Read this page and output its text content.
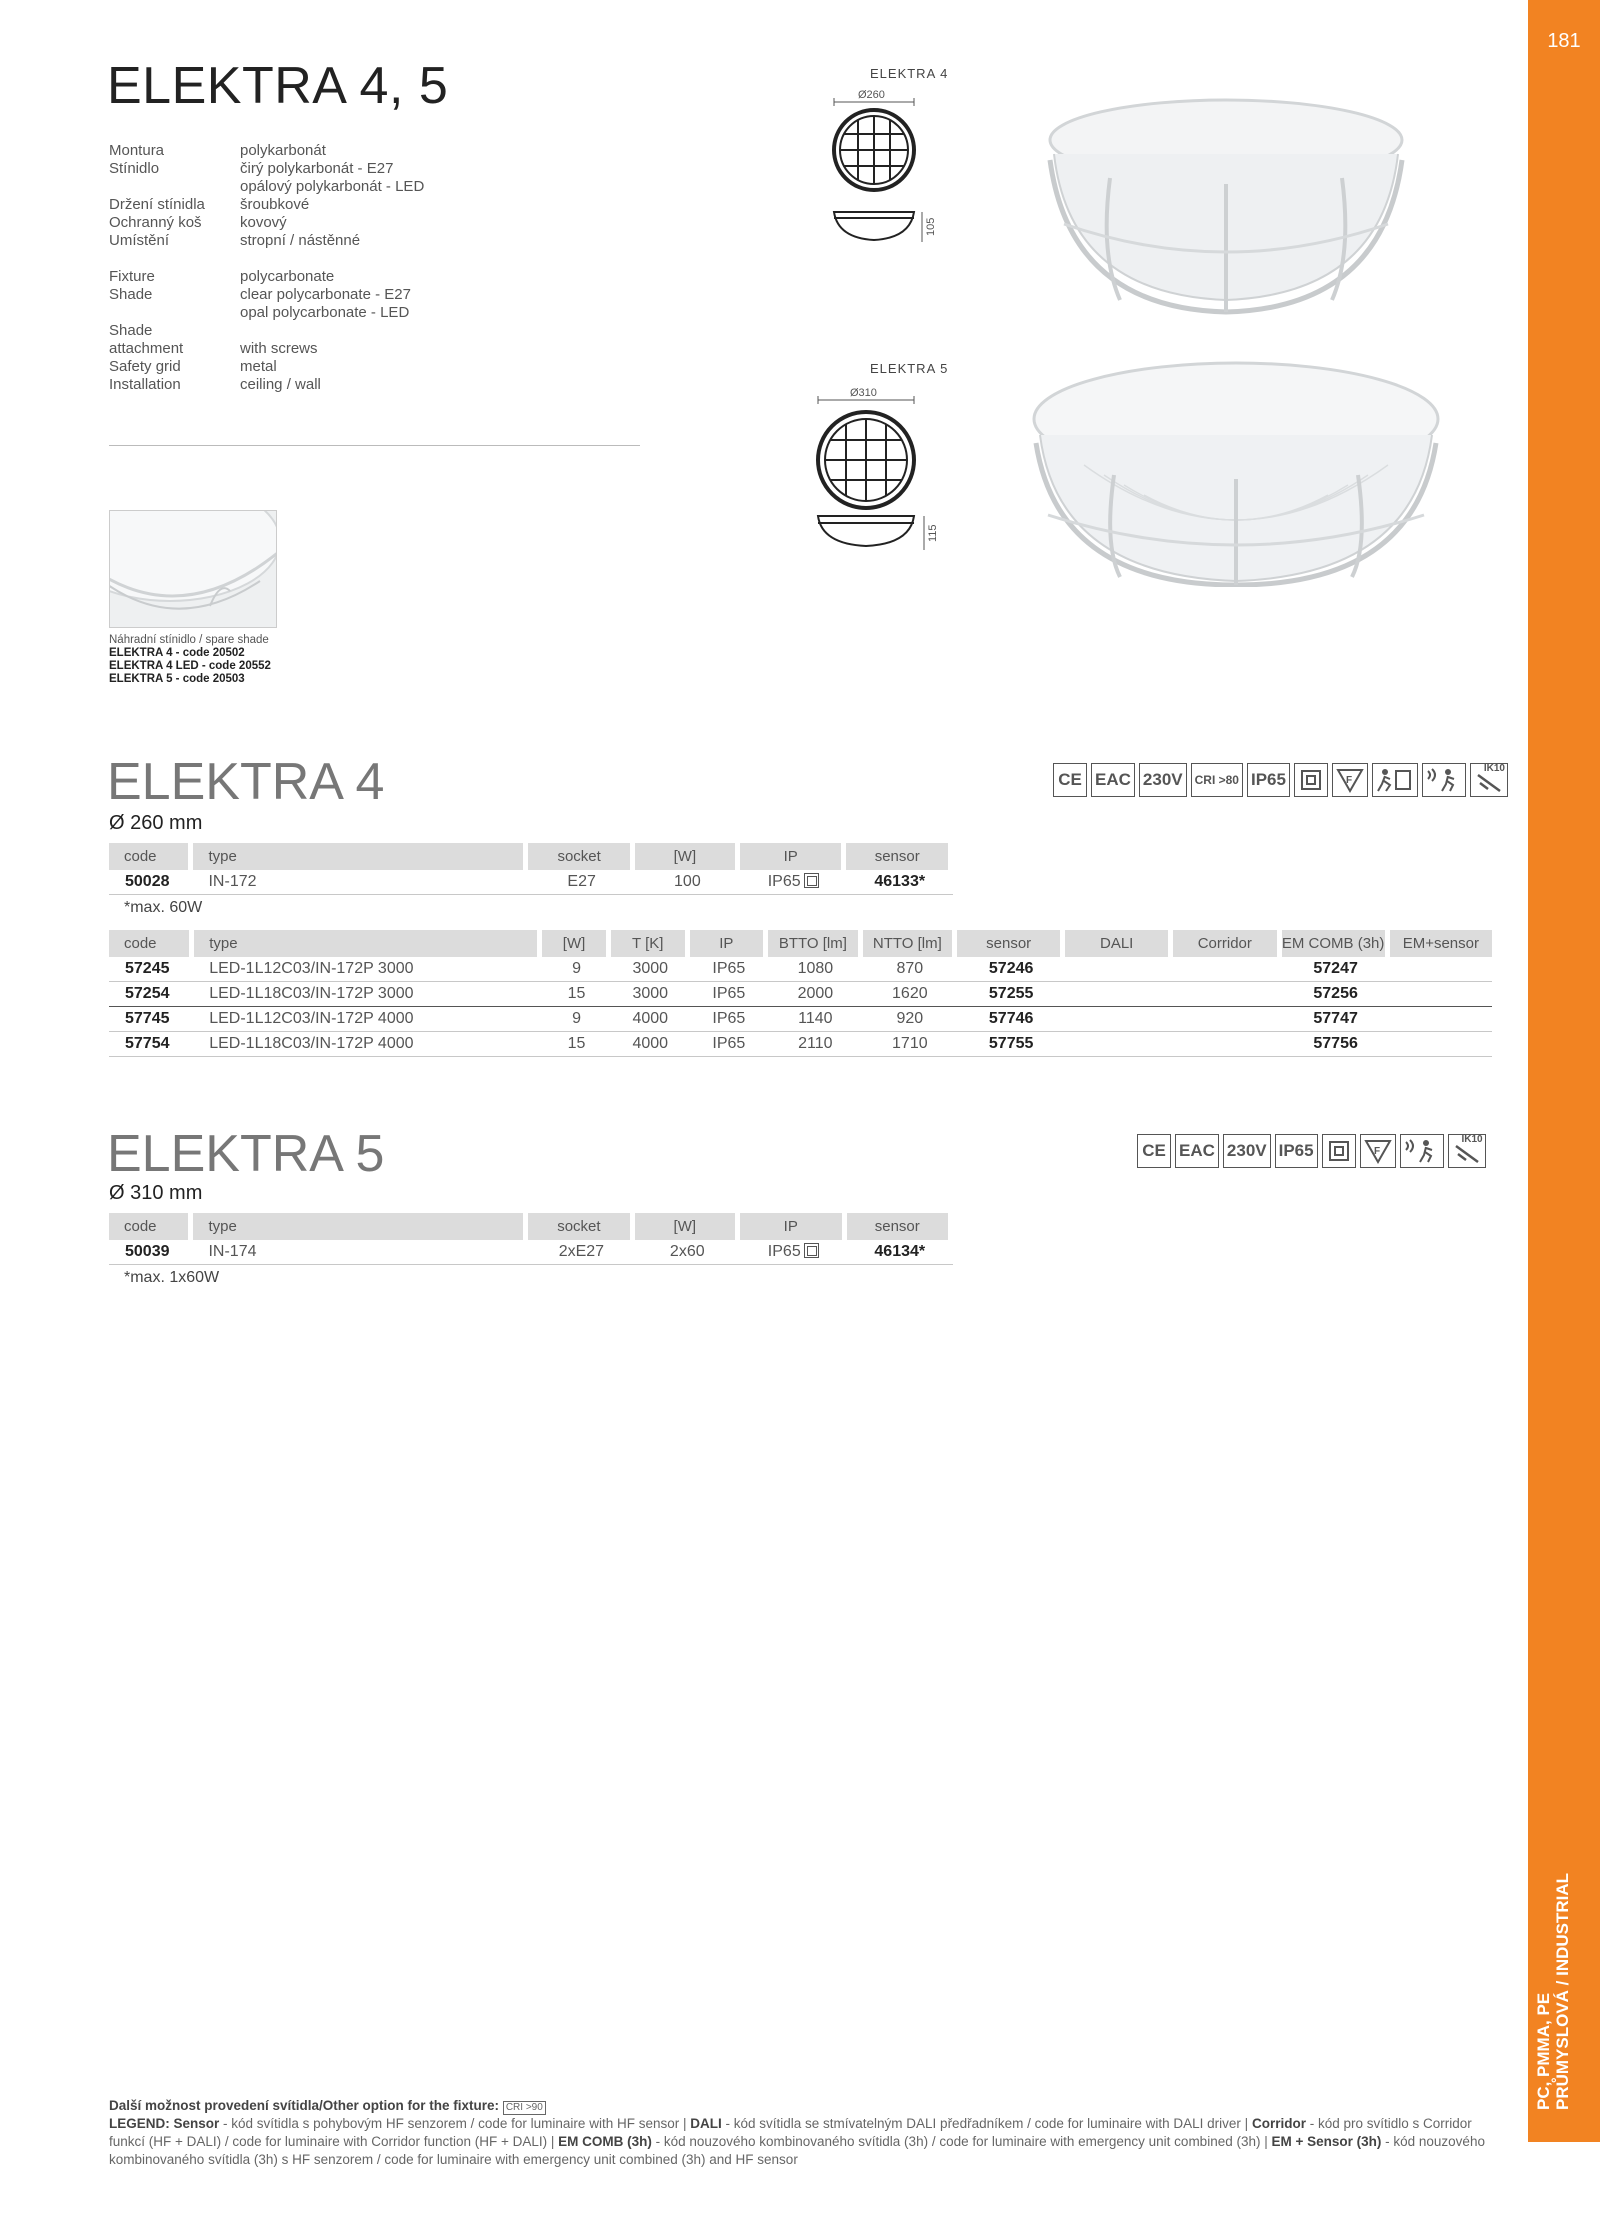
181
PC, PMMA, PE PRŮMYSLOVÁ / INDUSTRIAL
ELEKTRA 4, 5
Montura	polykarbonát
Stínidlo	čirý polykarbonát - E27
opálový polykarbonát - LED
Držení stínidla	šroubkové
Ochranný koš	kovový
Umístění	stropní / nástěnné
Fixture	polycarbonate
Shade	clear polycarbonate - E27
opal polycarbonate - LED
Shade
attachment	with screws
Safety grid	metal
Installation	ceiling / wall
Náhradní stínidlo / spare shade
ELEKTRA 4 - code 20502
ELEKTRA 4 LED - code 20552
ELEKTRA 5 - code 20503
ELEKTRA 4
Ø260
105
ELEKTRA 5
Ø310
115
ELEKTRA 4
Ø 260 mm
CE EAC 230V	CRI >80 IP65	F
IK10
code	type	socket	[W]	IP	sensor
50028	IN-172	E27	100	IP65	46133*
*max. 60W
code	type	[W]	T [K]	IP	BTTO [lm]	NTTO [lm]	sensor	DALI	Corridor	EM COMB (3h)	EM+sensor
57245	LED-1L12C03/IN-172P 3000	9	3000	IP65	1080	870	57246			57247	
57254	LED-1L18C03/IN-172P 3000	15	3000	IP65	2000	1620	57255			57256	
57745	LED-1L12C03/IN-172P 4000	9	4000	IP65	1140	920	57746			57747	
57754	LED-1L18C03/IN-172P 4000	15	4000	IP65	2110	1710	57755			57756	
ELEKTRA 5
Ø 310 mm
CE EAC 230V IP65	F
IK10
code	type	socket	[W]	IP	sensor
50039	IN-174	2xE27	2x60	IP65	46134*
*max. 1x60W
Další možnost provedení svítidla/Other option for the fixture: CRI >90
LEGEND: Sensor - kód svítidla s pohybovým HF senzorem / code for luminaire with HF sensor | DALI - kód svítidla se stmívatelným DALI předřadníkem / code for luminaire with DALI driver | Corridor - kód pro svítidlo s Corridor funkcí (HF + DALI) / code for luminaire with Corridor function (HF + DALI) | EM COMB (3h) - kód nouzového kombinovaného svítidla (3h) / code for luminaire with emergency unit combined (3h) | EM + Sensor (3h) - kód nouzového kombinovaného svítidla (3h) s HF senzorem / code for luminaire with emergency unit combined (3h) and HF sensor
